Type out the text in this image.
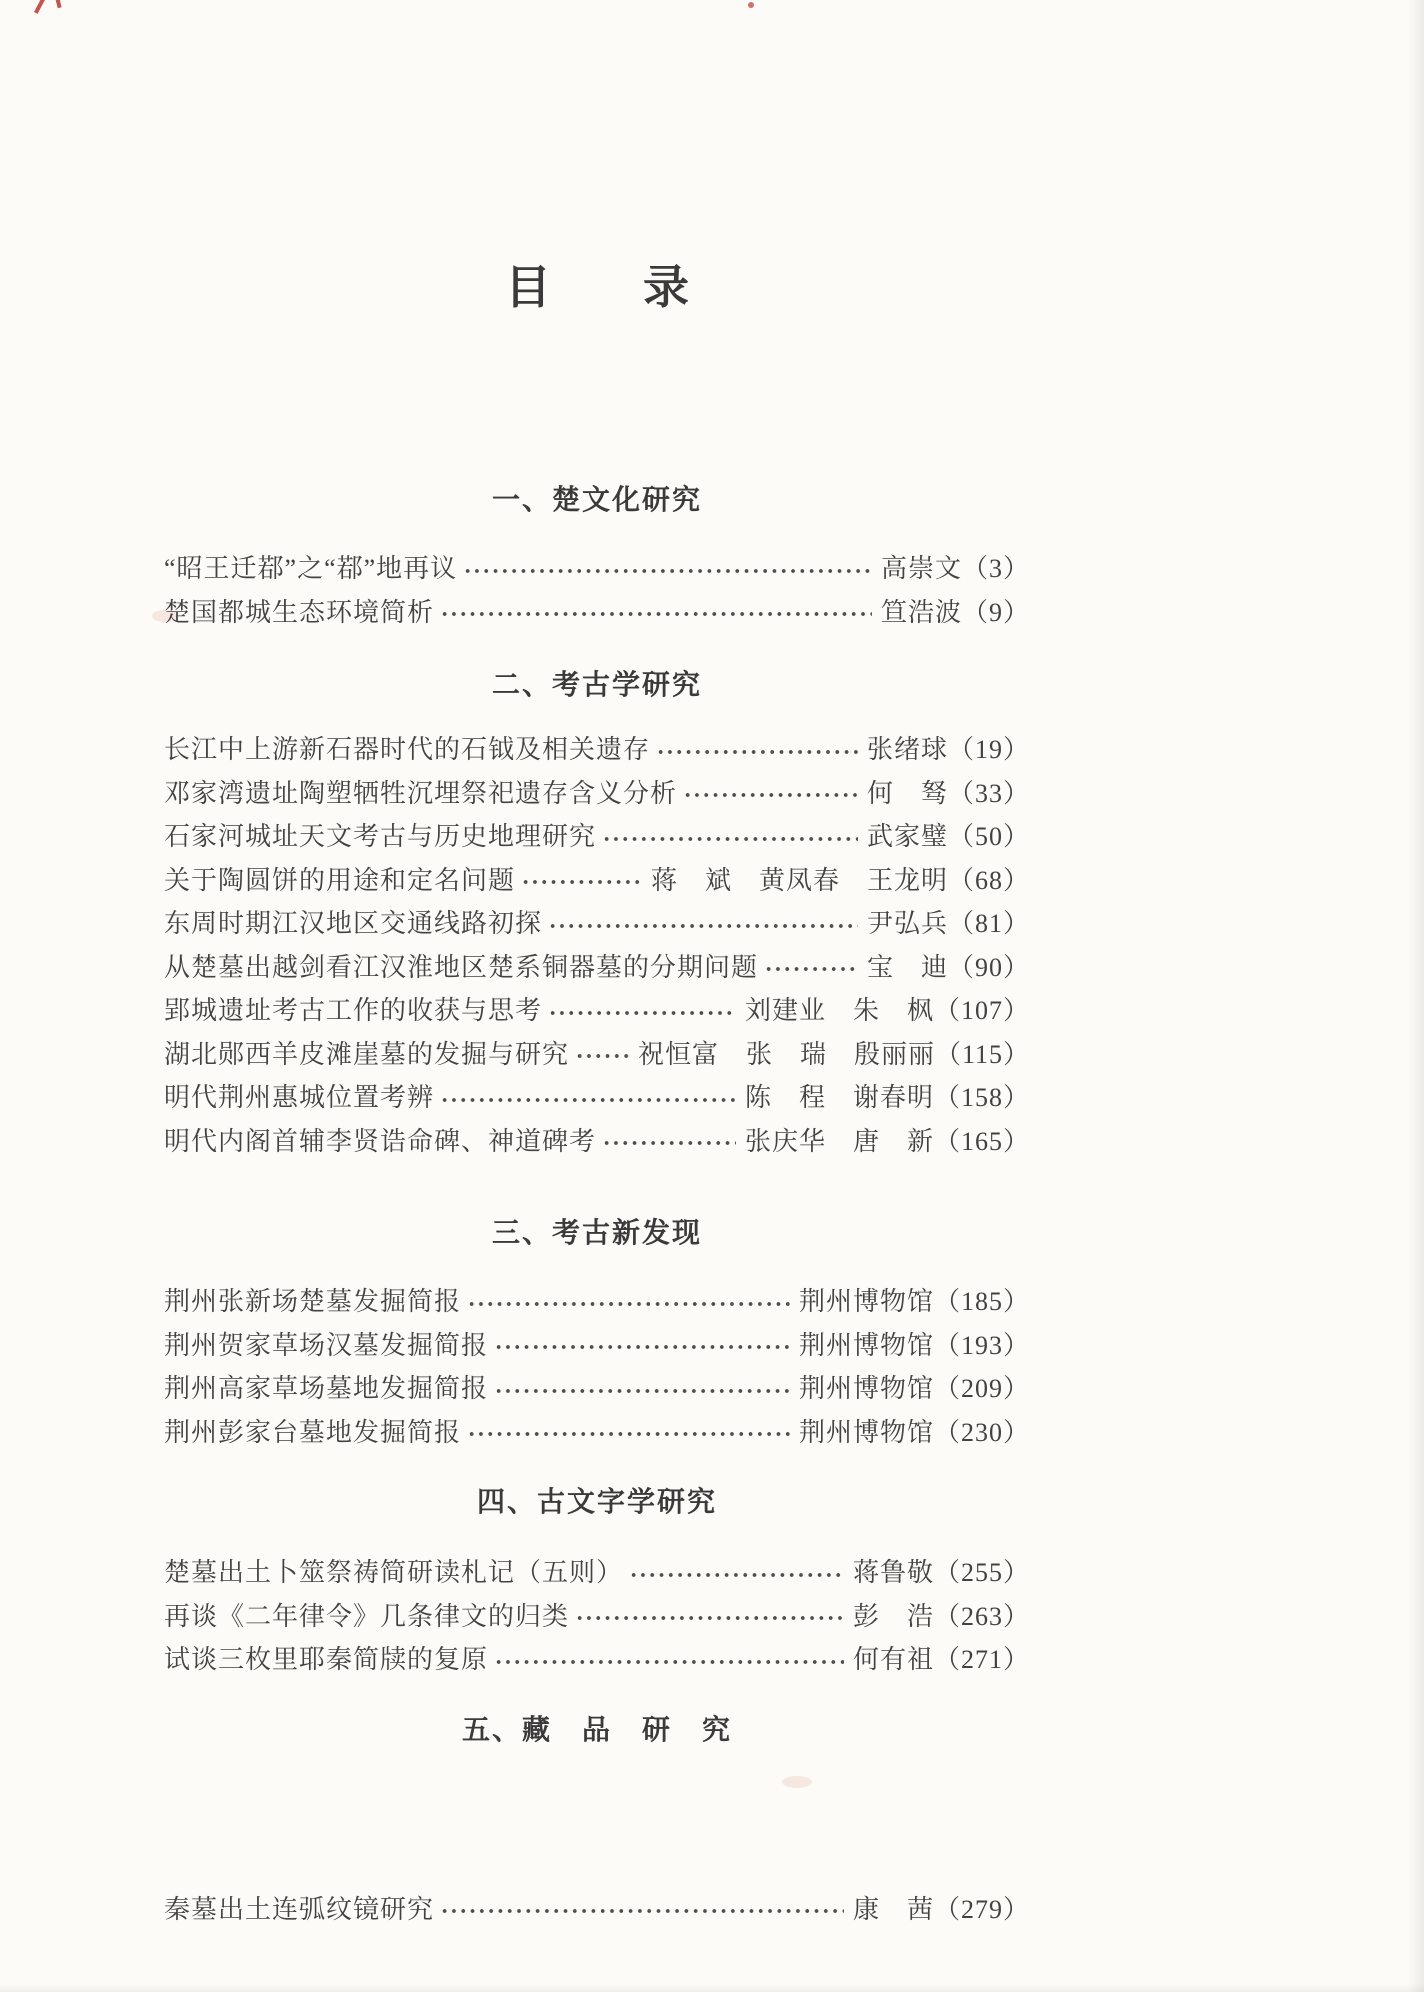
目　　录
一、楚文化研究
“昭王迁鄀”之“鄀”地再议	高崇文（3）
楚国都城生态环境简析	笪浩波（9）
二、考古学研究
长江中上游新石器时代的石钺及相关遗存	张绪球（19）
邓家湾遗址陶塑牺牲沉埋祭祀遗存含义分析	何　驽（33）
石家河城址天文考古与历史地理研究	武家璧（50）
关于陶圆饼的用途和定名问题	蒋　斌　黄凤春　王龙明（68）
东周时期江汉地区交通线路初探	尹弘兵（81）
从楚墓出越剑看江汉淮地区楚系铜器墓的分期问题	宝　迪（90）
郢城遗址考古工作的收获与思考	刘建业　朱　枫（107）
湖北郧西羊皮滩崖墓的发掘与研究	祝恒富　张　瑞　殷丽丽（115）
明代荆州惠城位置考辨	陈　程　谢春明（158）
明代内阁首辅李贤诰命碑、神道碑考	张庆华　唐　新（165）
三、考古新发现
荆州张新场楚墓发掘简报	荆州博物馆（185）
荆州贺家草场汉墓发掘简报	荆州博物馆（193）
荆州高家草场墓地发掘简报	荆州博物馆（209）
荆州彭家台墓地发掘简报	荆州博物馆（230）
四、古文字学研究
楚墓出土卜筮祭祷简研读札记（五则）	蒋鲁敬（255）
再谈《二年律令》几条律文的归类	彭　浩（263）
试谈三枚里耶秦简牍的复原	何有祖（271）
五、藏　品　研　究
秦墓出土连弧纹镜研究	康　茜（279）
